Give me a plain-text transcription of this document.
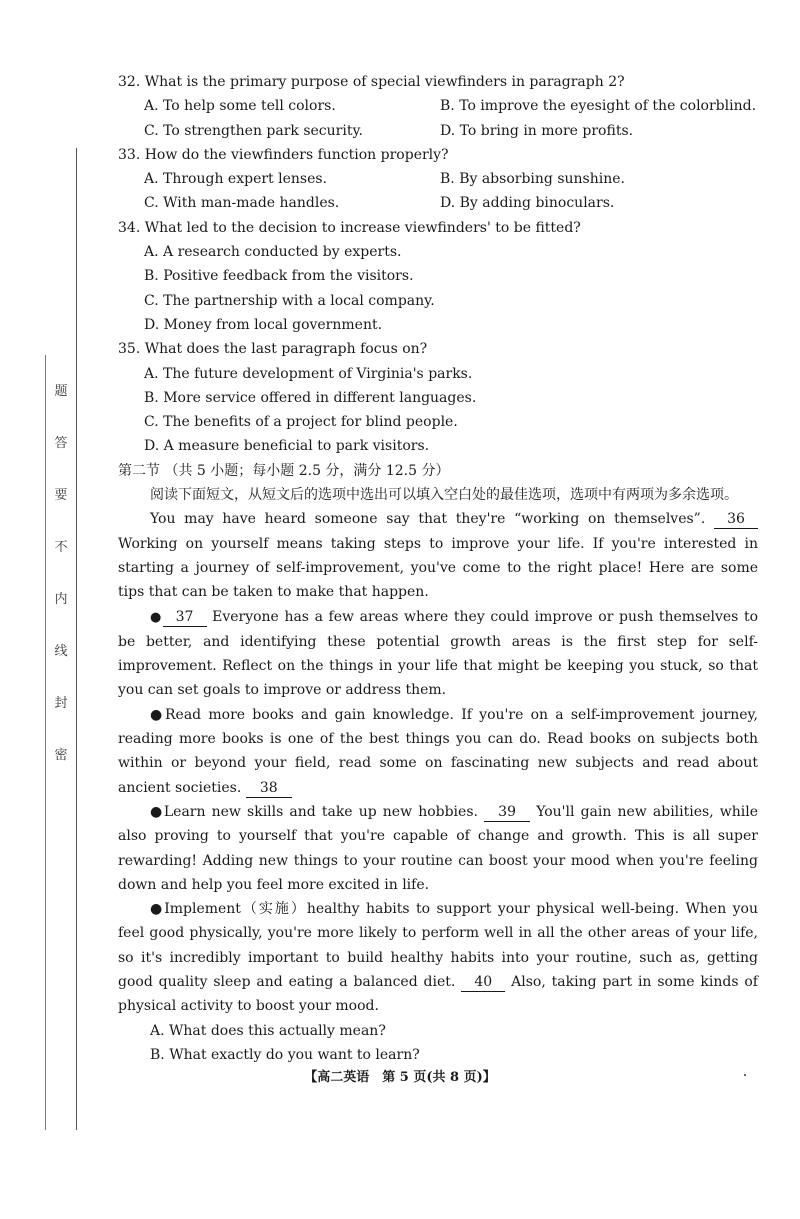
题
答
要
不
内
线
封
密

32. What is the primary purpose of special viewfinders in paragraph 2?

A. To help some tell colors.	B. To improve the eyesight of the colorblind.
C. To strengthen park security.	D. To bring in more profits.

33. How do the viewfinders function properly?

A. Through expert lenses.	B. By absorbing sunshine.
C. With man-made handles.	D. By adding binoculars.

34. What led to the decision to increase viewfinders' to be fitted?

A. A research conducted by experts.

B. Positive feedback from the visitors.

C. The partnership with a local company.

D. Money from local government.

35. What does the last paragraph focus on?

A. The future development of Virginia's parks.

B. More service offered in different languages.

C. The benefits of a project for blind people.

D. A measure beneficial to park visitors.

第二节 （共 5 小题；每小题 2.5 分，满分 12.5 分）

阅读下面短文，从短文后的选项中选出可以填入空白处的最佳选项，选项中有两项为多余选项。

You may have heard someone say that they're “working on themselves”. 36 Working on yourself means taking steps to improve your life. If you're interested in starting a journey of self-improvement, you've come to the right place! Here are some tips that can be taken to make that happen.

● 37 Everyone has a few areas where they could improve or push themselves to be better, and identifying these potential growth areas is the first step for self-improvement. Reflect on the things in your life that might be keeping you stuck, so that you can set goals to improve or address them.

●Read more books and gain knowledge. If you're on a self-improvement journey, reading more books is one of the best things you can do. Read books on subjects both within or beyond your field, read some on fascinating new subjects and read about ancient societies. 38

●Learn new skills and take up new hobbies. 39 You'll gain new abilities, while also proving to yourself that you're capable of change and growth. This is all super rewarding! Adding new things to your routine can boost your mood when you're feeling down and help you feel more excited in life.

●Implement（实施）healthy habits to support your physical well-being. When you feel good physically, you're more likely to perform well in all the other areas of your life, so it's incredibly important to build healthy habits into your routine, such as, getting good quality sleep and eating a balanced diet. 40 Also, taking part in some kinds of physical activity to boost your mood.

A. What does this actually mean?

B. What exactly do you want to learn?

【高二英语　第 5 页(共 8 页)】
